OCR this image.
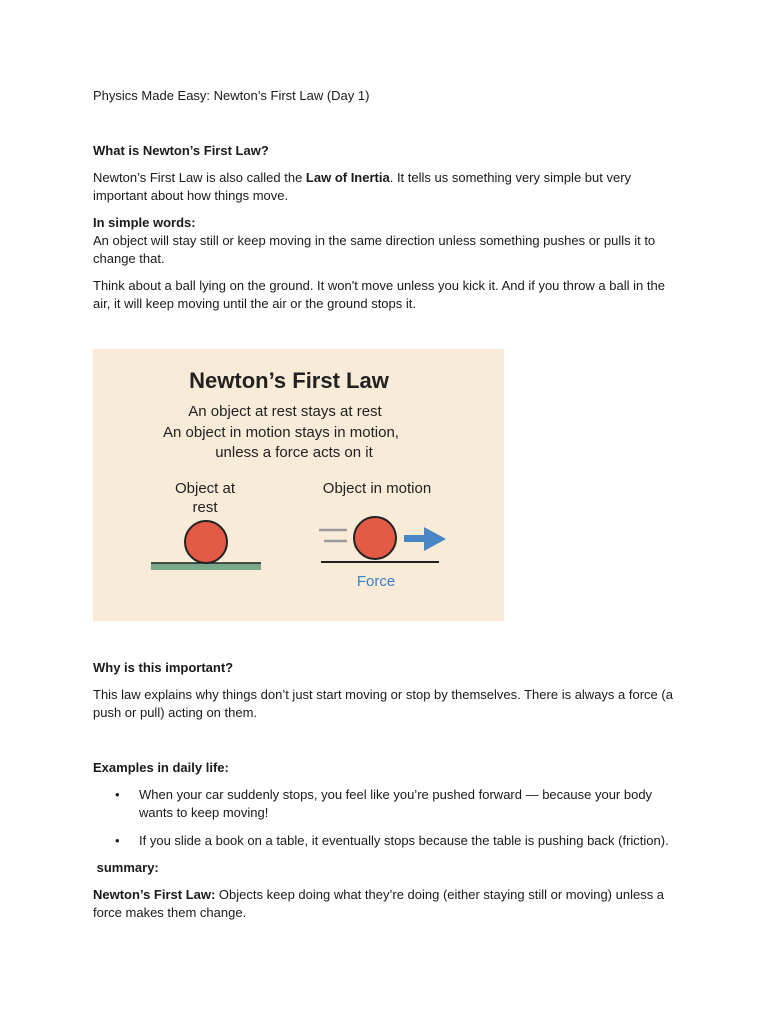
Physics Made Easy: Newton’s First Law (Day 1)

What is Newton’s First Law?

Newton’s First Law is also called the Law of Inertia. It tells us something very simple but very important about how things move.

In simple words:

An object will stay still or keep moving in the same direction unless something pushes or pulls it to change that.

Think about a ball lying on the ground. It won't move unless you kick it. And if you throw a ball in the air, it will keep moving until the air or the ground stops it.

Newton’s First Law
An object at rest stays at rest
An object in motion stays in motion,
unless a force acts on it
Object at
rest
Object in motion
Force

Why is this important?

This law explains why things don’t just start moving or stop by themselves. There is always a force (a push or pull) acting on them.

Examples in daily life:

• When your car suddenly stops, you feel like you’re pushed forward — because your body wants to keep moving!
• If you slide a book on a table, it eventually stops because the table is pushing back (friction).

summary:

Newton’s First Law: Objects keep doing what they’re doing (either staying still or moving) unless a force makes them change.
